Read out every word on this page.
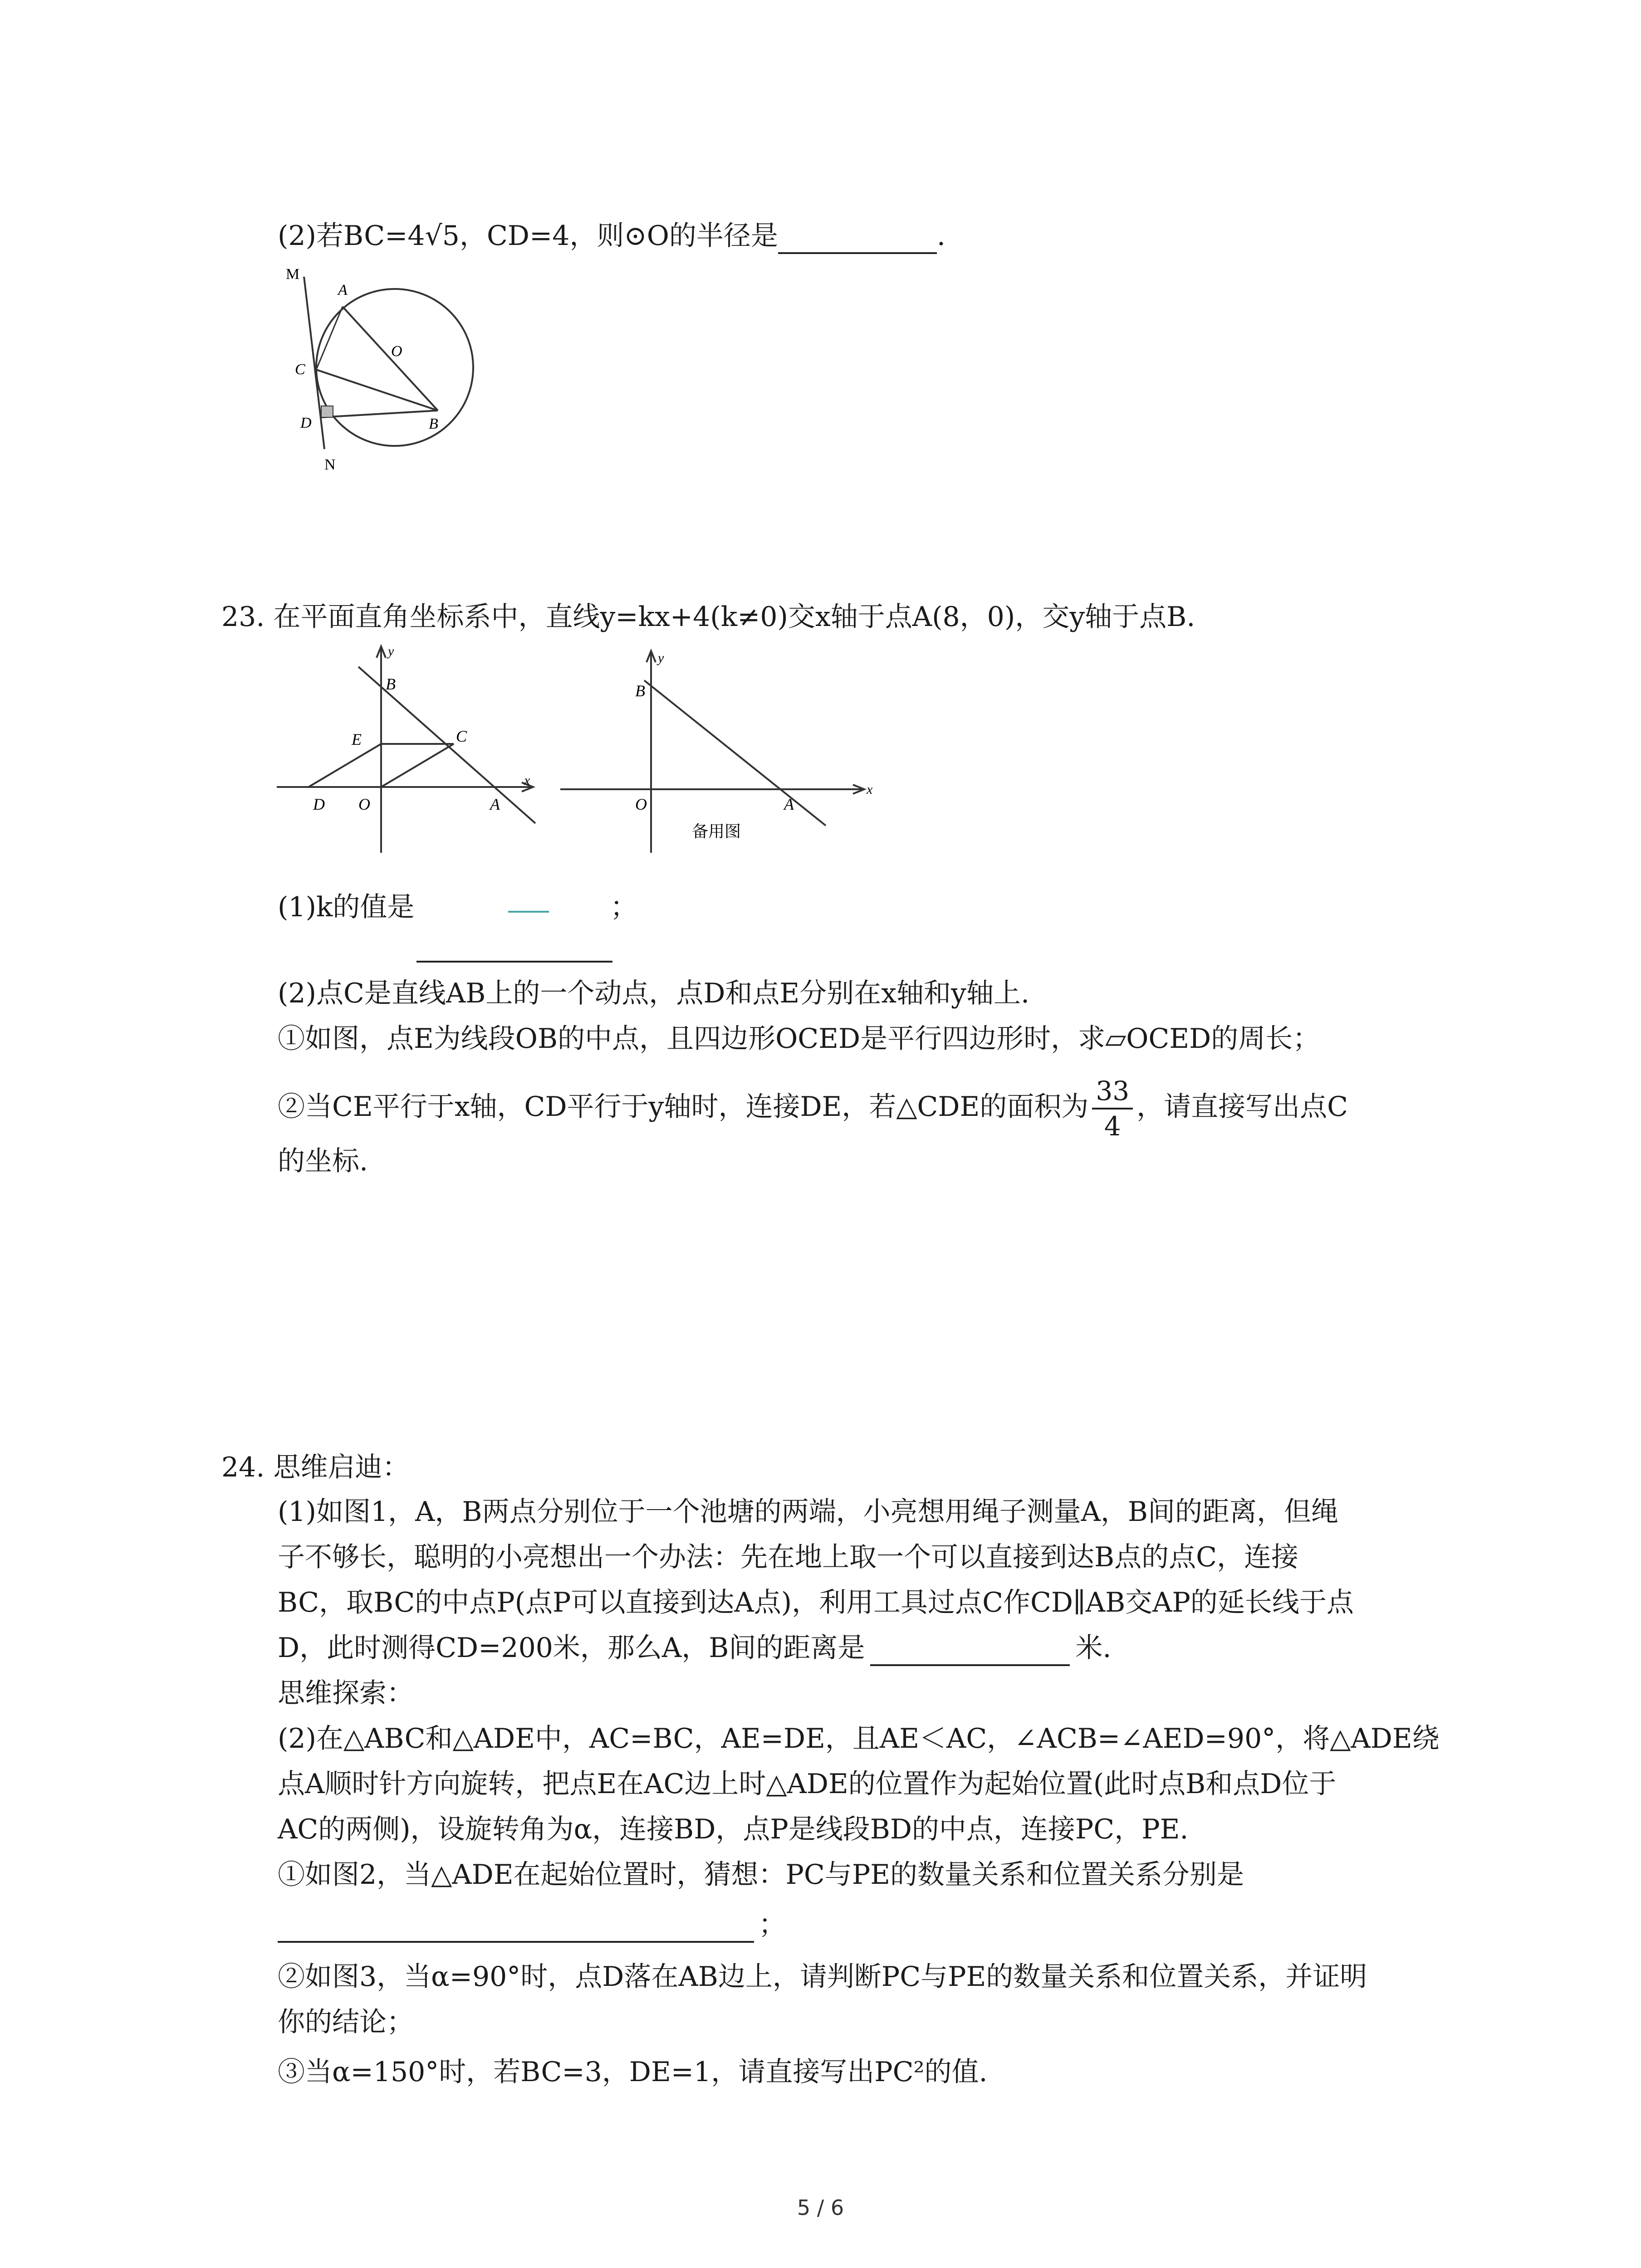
(2)若BC=4√5，CD=4，则⊙O的半径是	.
M
A
O
C
D	B
N
23. 在平面直角坐标系中，直线y=kx+4(k≠0)交x轴于点A(8，0)，交y轴于点B.
B
y
E	C
D O	A
x
B
y
O	A
x
备用图
(1)k的值是	；
(2)点C是直线AB上的一个动点，点D和点E分别在x轴和y轴上.
①如图，点E为线段OB的中点，且四边形OCED是平行四边形时，求▱OCED的周长；
②当CE平行于x轴，CD平行于y轴时，连接DE，若△CDE的面积为 $\frac{33}{4}$ ，请直接写出点C
的坐标.
24. 思维启迪：
(1)如图1，A，B两点分别位于一个池塘的两端，小亮想用绳子测量A，B间的距离，但绳
子不够长，聪明的小亮想出一个办法：先在地上取一个可以直接到达B点的点C，连接
BC，取BC的中点P(点P可以直接到达A点)，利用工具过点C作CD∥AB交AP的延长线于点
D，此时测得CD=200米，那么A，B间的距离是	米.
思维探索：
(2)在△ABC和△ADE中，AC=BC，AE=DE，且AE＜AC，∠ACB=∠AED=90°，将△ADE绕
点A顺时针方向旋转，把点E在AC边上时△ADE的位置作为起始位置(此时点B和点D位于
AC的两侧)，设旋转角为α，连接BD，点P是线段BD的中点，连接PC，PE.
①如图2，当△ADE在起始位置时，猜想：PC与PE的数量关系和位置关系分别是
；
②如图3，当α=90°时，点D落在AB边上，请判断PC与PE的数量关系和位置关系，并证明
你的结论；
③当α=150°时，若BC=3，DE=1，请直接写出PC²的值.
5 / 6
